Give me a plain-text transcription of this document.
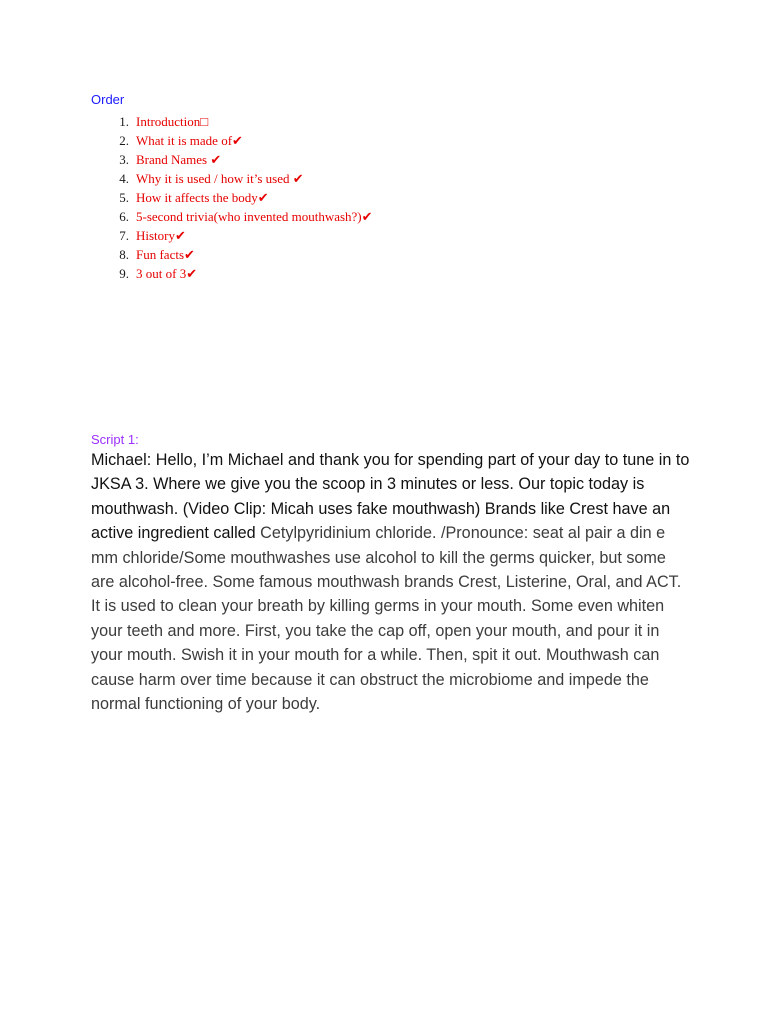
Order

1 . Introduction□
2 . What it is made of✔
3 . Brand Names ✔
4 . Why it is used / how it’s used ✔
5 . How it affects the body✔
6 . 5-second trivia(who invented mouthwash?)✔
7 . History✔
8 . Fun facts✔
9 . 3 out of 3✔

Script 1:

Michael: Hello, I’m Michael and thank you for spending part of your day to tune in to JKSA 3. Where we give you the scoop in 3 minutes or less. Our topic today is mouthwash. (Video Clip: Micah uses fake mouthwash) Brands like Crest have an active ingredient called Cetylpyridinium chloride. /Pronounce: seat al pair a din e mm chloride/Some mouthwashes use alcohol to kill the germs quicker, but some are alcohol-free. Some famous mouthwash brands Crest, Listerine, Oral, and ACT. It is used to clean your breath by killing germs in your mouth. Some even whiten your teeth and more. First, you take the cap off, open your mouth, and pour it in your mouth. Swish it in your mouth for a while. Then, spit it out. Mouthwash can cause harm over time because it can obstruct the microbiome and impede the normal functioning of your body.
